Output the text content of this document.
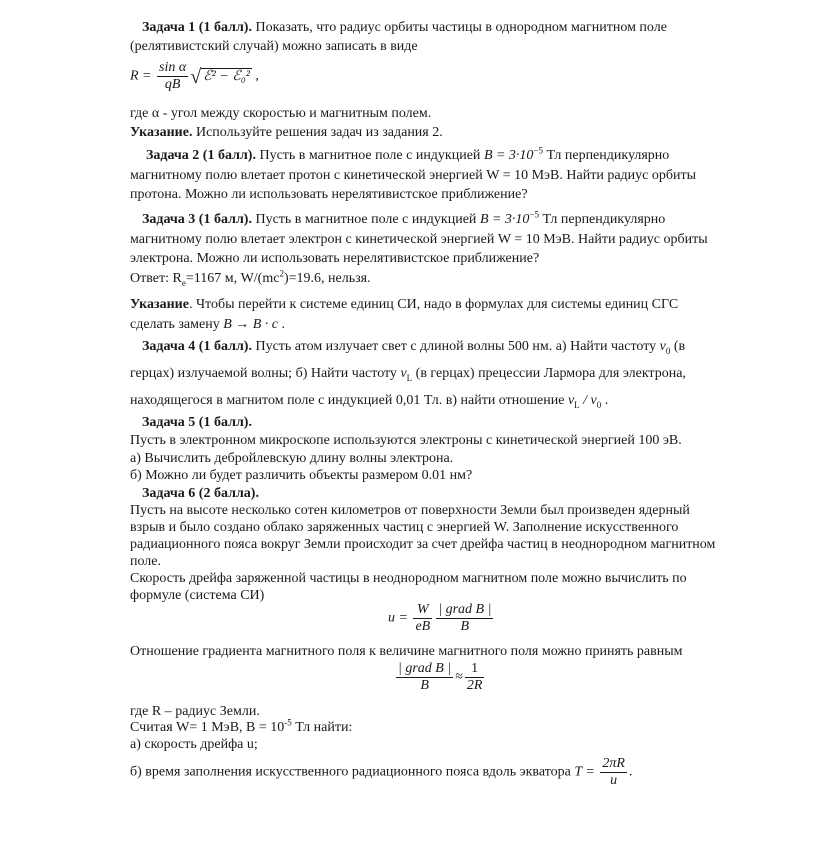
Задача 1 (1 балл). Показать, что радиус орбиты частицы в однородном магнитном поле
(релятивистский случай) можно записать в виде
$R = \frac{\text{sin α}}{qB}$ √ ℰ² − ℰ₀² ,
где α - угол между скоростью и магнитным полем.
Указание. Используйте решения задач из задания 2.
Задача 2 (1 балл). Пусть в магнитное поле с индукцией $B = 3\cdot 10^{-5}$ Тл перпендикулярно
магнитному полю влетает протон с кинетической энергией W = 10 МэВ. Найти радиус орбиты
протона. Можно ли использовать нерелятивистское приближение?
Задача 3 (1 балл). Пусть в магнитное поле с индукцией $B = 3\cdot 10^{-5}$ Тл перпендикулярно
магнитному полю влетает электрон с кинетической энергией W = 10 МэВ. Найти радиус орбиты
электрона. Можно ли использовать нерелятивистское приближение?
Ответ: $R_e=1167$ м, $W/(mc^2)=19.6$, нельзя.
Указание. Чтобы перейти к системе единиц СИ, надо в формулах для системы единиц СГС
сделать замену B → B · c .
Задача 4 (1 балл). Пусть атом излучает свет с длиной волны 500 нм. а) Найти частоту $\nu_0$ (в
герцах) излучаемой волны; б) Найти частоту $\nu_L$ (в герцах) прецессии Лармора для электрона,
находящегося в магнитом поле с индукцией 0,01 Тл. в) найти отношение $\nu_L / \nu_0$ .
Задача 5 (1 балл).
Пусть в электронном микроскопе используются электроны с кинетической энергией 100 эВ.
а) Вычислить дебройлевскую длину волны электрона.
б) Можно ли будет различить объекты размером 0.01 нм?
Задача 6 (2 балла).
Пусть на высоте несколько сотен километров от поверхности Земли был произведен ядерный
взрыв и было создано облако заряженных частиц с энергией W. Заполнение искусственного
радиационного пояса вокруг Земли происходит за счет дрейфа частиц в неоднородном магнитном
поле.
Скорость дрейфа заряженной частицы в неоднородном магнитном поле можно вычислить по
формуле (система СИ)
$u = \frac{W}{eB} \frac{\text{| grad B |}}{B}$
Отношение градиента магнитного поля к величине магнитного поля можно принять равным
$\frac{\text{| grad B |}}{B} \approx \frac{1}{2R}$
где R – радиус Земли.
Считая W= 1 МэВ, $B = 10^{-5}$ Тл найти:
а) скорость дрейфа u;
б) время заполнения искусственного радиационного пояса вдоль экватора $T = \frac{2\pi R}{u}$ .
